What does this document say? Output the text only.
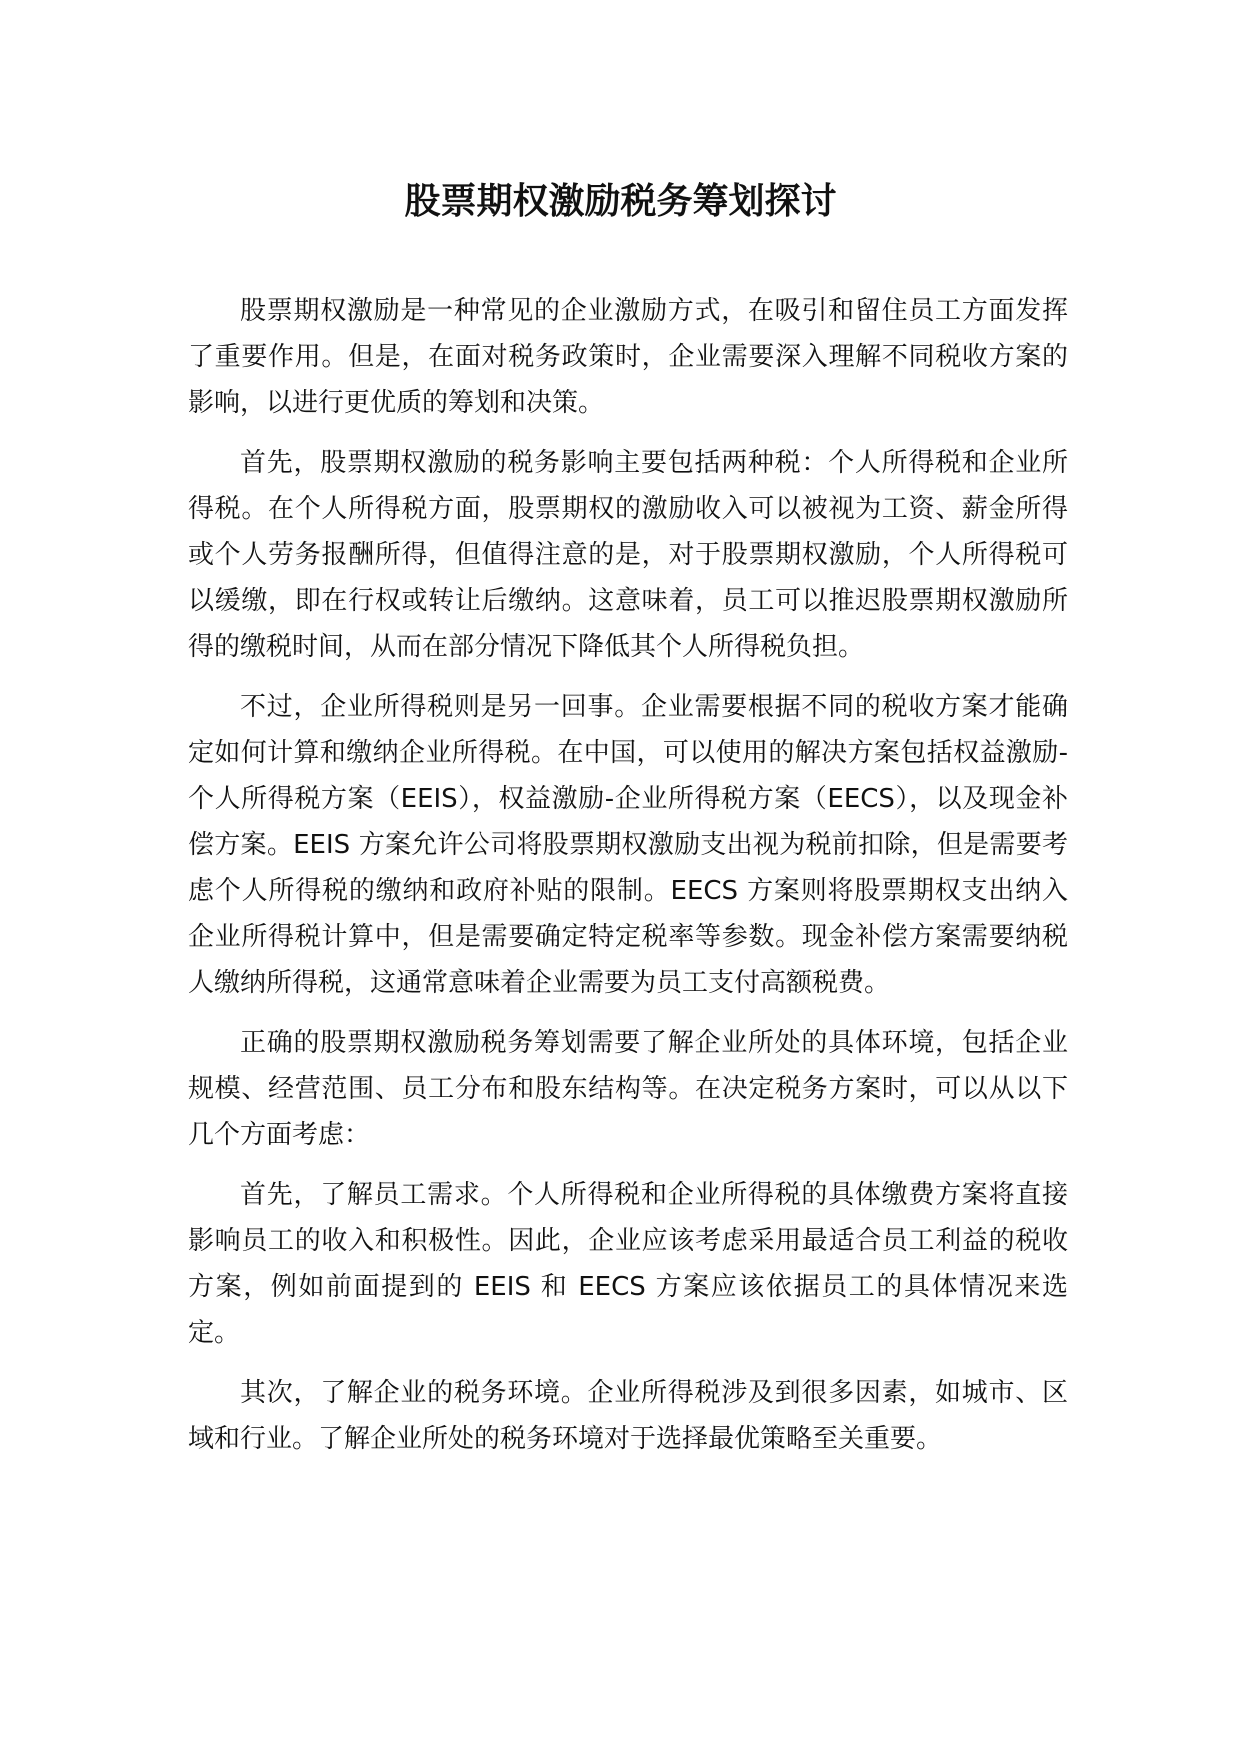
股票期权激励税务筹划探讨

股票期权激励是一种常见的企业激励方式，在吸引和留住员工方面发挥了重要作用。但是，在面对税务政策时，企业需要深入理解不同税收方案的影响，以进行更优质的筹划和决策。

首先，股票期权激励的税务影响主要包括两种税：个人所得税和企业所得税。在个人所得税方面，股票期权的激励收入可以被视为工资、薪金所得或个人劳务报酬所得，但值得注意的是，对于股票期权激励，个人所得税可以缓缴，即在行权或转让后缴纳。这意味着，员工可以推迟股票期权激励所得的缴税时间，从而在部分情况下降低其个人所得税负担。

不过，企业所得税则是另一回事。企业需要根据不同的税收方案才能确定如何计算和缴纳企业所得税。在中国，可以使用的解决方案包括权益激励-个人所得税方案（EEIS），权益激励-企业所得税方案（EECS），以及现金补偿方案。EEIS 方案允许公司将股票期权激励支出视为税前扣除，但是需要考虑个人所得税的缴纳和政府补贴的限制。EECS 方案则将股票期权支出纳入企业所得税计算中，但是需要确定特定税率等参数。现金补偿方案需要纳税人缴纳所得税，这通常意味着企业需要为员工支付高额税费。

正确的股票期权激励税务筹划需要了解企业所处的具体环境，包括企业规模、经营范围、员工分布和股东结构等。在决定税务方案时，可以从以下几个方面考虑：

首先，了解员工需求。个人所得税和企业所得税的具体缴费方案将直接影响员工的收入和积极性。因此，企业应该考虑采用最适合员工利益的税收方案，例如前面提到的 EEIS 和 EECS 方案应该依据员工的具体情况来选定。

其次，了解企业的税务环境。企业所得税涉及到很多因素，如城市、区域和行业。了解企业所处的税务环境对于选择最优策略至关重要。
